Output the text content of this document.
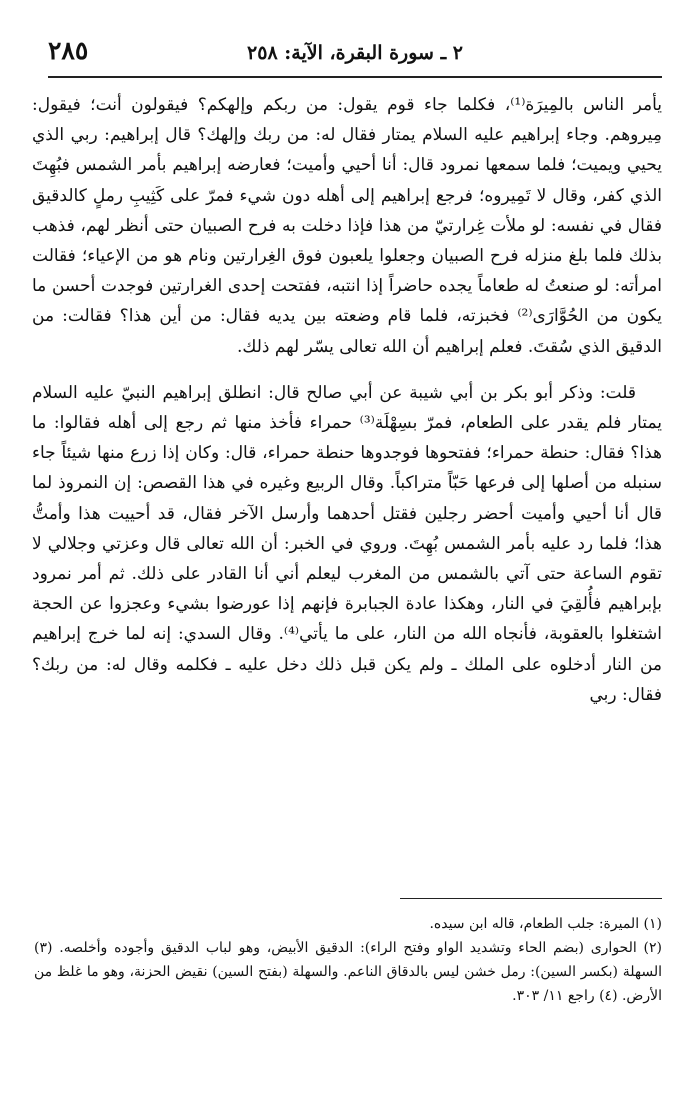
٢ ـ سورة البقرة، الآية: ٢٥٨
٢٨٥

يأمر الناس بالمِيرَة⁽¹⁾، فكلما جاء قوم يقول: من ربكم وإلهكم؟ فيقولون أنت؛ فيقول: مِيروهم. وجاء إبراهيم عليه السلام يمتار فقال له: من ربك وإلهك؟ قال إبراهيم: ربي الذي يحيي ويميت؛ فلما سمعها نمرود قال: أنا أحيي وأميت؛ فعارضه إبراهيم بأمر الشمس فبُهِتَ الذي كفر، وقال لا تَمِيروه؛ فرجع إبراهيم إلى أهله دون شيء فمرّ على كَثِيبِ رملٍ كالدقيق فقال في نفسه: لو ملأت غِرارتيّ من هذا فإذا دخلت به فرح الصبيان حتى أنظر لهم، فذهب بذلك فلما بلغ منزله فرح الصبيان وجعلوا يلعبون فوق الغِرارتين ونام هو من الإعياء؛ فقالت امرأته: لو صنعتُ له طعاماً يجده حاضراً إذا انتبه، ففتحت إحدى الغرارتين فوجدت أحسن ما يكون من الحُوَّارَى⁽²⁾ فخبزته، فلما قام وضعته بين يديه فقال: من أين هذا؟ فقالت: من الدقيق الذي سُقتَ. فعلم إبراهيم أن الله تعالى يسّر لهم ذلك.

قلت: وذكر أبو بكر بن أبي شيبة عن أبي صالح قال: انطلق إبراهيم النبيّ عليه السلام يمتار فلم يقدر على الطعام، فمرّ بسِهْلَة⁽³⁾ حمراء فأخذ منها ثم رجع إلى أهله فقالوا: ما هذا؟ فقال: حنطة حمراء؛ ففتحوها فوجدوها حنطة حمراء، قال: وكان إذا زرع منها شيئاً جاء سنبله من أصلها إلى فرعها حَبّاً متراكباً. وقال الربيع وغيره في هذا القصص: إن النمروذ لما قال أنا أحيي وأميت أحضر رجلين فقتل أحدهما وأرسل الآخر فقال، قد أحييت هذا وأمتُّ هذا؛ فلما رد عليه بأمر الشمس بُهِتَ. وروي في الخبر: أن الله تعالى قال وعزتي وجلالي لا تقوم الساعة حتى آتي بالشمس من المغرب ليعلم أني أنا القادر على ذلك. ثم أمر نمرود بإبراهيم فأُلقِيَ في النار، وهكذا عادة الجبابرة فإنهم إذا عورضوا بشيء وعجزوا عن الحجة اشتغلوا بالعقوبة، فأنجاه الله من النار، على ما يأتي⁽⁴⁾. وقال السدي: إنه لما خرج إبراهيم من النار أدخلوه على الملك ـ ولم يكن قبل ذلك دخل عليه ـ فكلمه وقال له: من ربك؟ فقال: ربي

(١) الميرة: جلب الطعام، قاله ابن سيده.

(٢) الحوارى (بضم الحاء وتشديد الواو وفتح الراء): الدقيق الأبيض، وهو لباب الدقيق وأجوده وأخلصه. (٣) السهلة (بكسر السين): رمل خشن ليس بالدقاق الناعم. والسهلة (بفتح السين) نقيض الحزنة، وهو ما غلظ من الأرض. (٤) راجع ١١/ ٣٠٣.
